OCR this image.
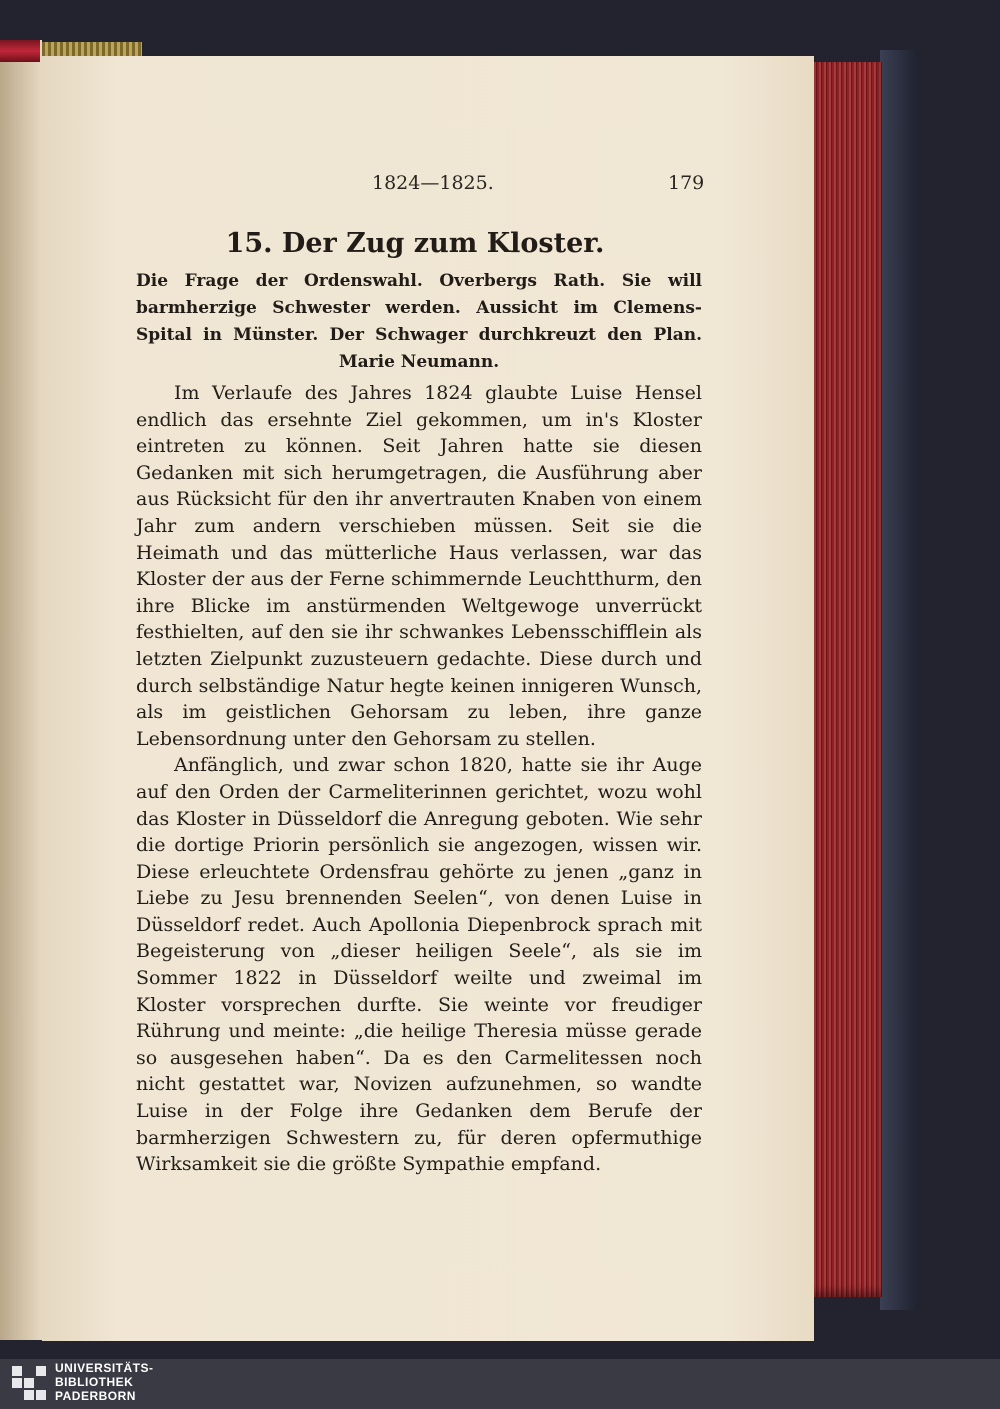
1824—1825.	179
15. Der Zug zum Kloster.
Die Frage der Ordenswahl. Overbergs Rath. Sie will barmherzige Schwester werden. Aussicht im Clemens-Spital in Münster. Der Schwager durchkreuzt den Plan. Marie Neumann.

Im Verlaufe des Jahres 1824 glaubte Luise Hensel endlich das ersehnte Ziel gekommen, um in's Kloster eintreten zu können. Seit Jahren hatte sie diesen Gedanken mit sich herumgetragen, die Ausführung aber aus Rücksicht für den ihr anvertrauten Knaben von einem Jahr zum andern verschieben müssen. Seit sie die Heimath und das mütterliche Haus verlassen, war das Kloster der aus der Ferne schimmernde Leuchtthurm, den ihre Blicke im anstürmenden Weltgewoge unverrückt festhielten, auf den sie ihr schwankes Lebensschifflein als letzten Zielpunkt zuzusteuern gedachte. Diese durch und durch selbständige Natur hegte keinen innigeren Wunsch, als im geistlichen Gehorsam zu leben, ihre ganze Lebensordnung unter den Gehorsam zu stellen.

Anfänglich, und zwar schon 1820, hatte sie ihr Auge auf den Orden der Carmeliterinnen gerichtet, wozu wohl das Kloster in Düsseldorf die Anregung geboten. Wie sehr die dortige Priorin persönlich sie angezogen, wissen wir. Diese erleuchtete Ordensfrau gehörte zu jenen „ganz in Liebe zu Jesu brennenden Seelen“, von denen Luise in Düsseldorf redet. Auch Apollonia Diepenbrock sprach mit Begeisterung von „dieser heiligen Seele“, als sie im Sommer 1822 in Düsseldorf weilte und zweimal im Kloster vorsprechen durfte. Sie weinte vor freudiger Rührung und meinte: „die heilige Theresia müsse gerade so ausgesehen haben“. Da es den Carmelitessen noch nicht gestattet war, Novizen aufzunehmen, so wandte Luise in der Folge ihre Gedanken dem Berufe der barmherzigen Schwestern zu, für deren opfermuthige Wirksamkeit sie die größte Sympathie empfand.

UNIVERSITÄTS-
BIBLIOTHEK
PADERBORN
